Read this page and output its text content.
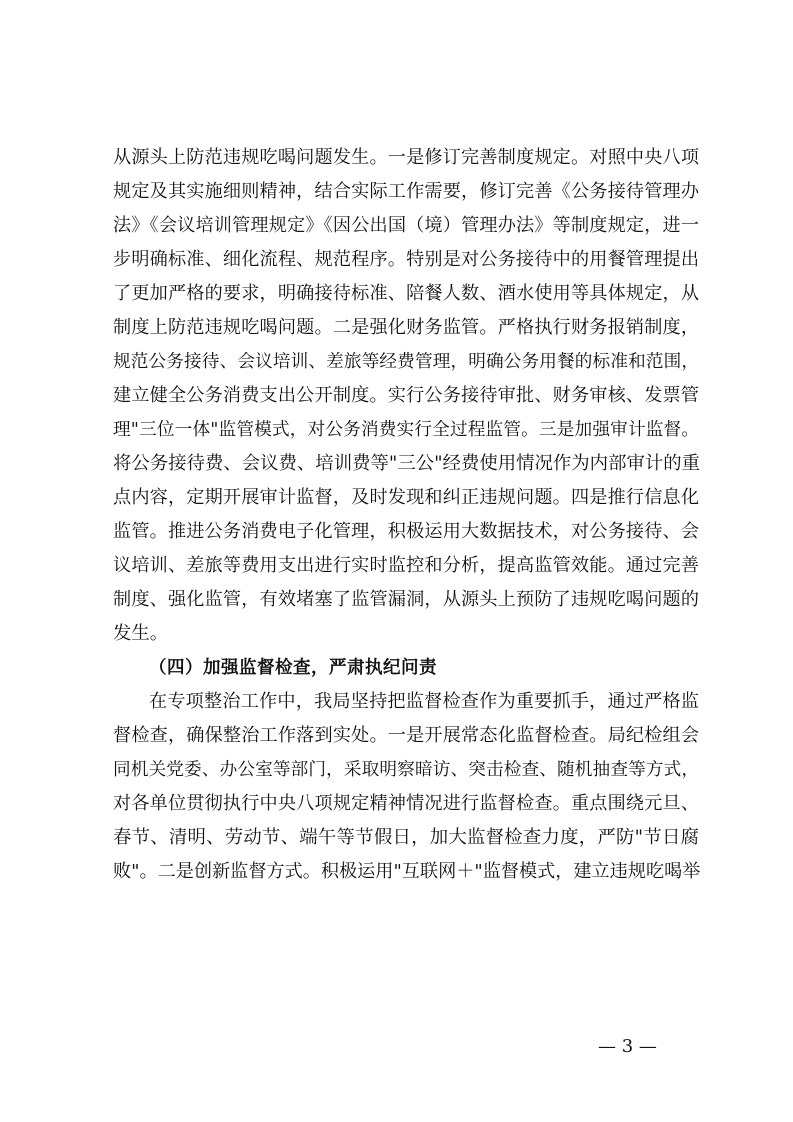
从源头上防范违规吃喝问题发生。一是修订完善制度规定。对照中央八项
规定及其实施细则精神，结合实际工作需要，修订完善《公务接待管理办
法》《会议培训管理规定》《因公出国（境）管理办法》等制度规定，进一
步明确标准、细化流程、规范程序。特别是对公务接待中的用餐管理提出
了更加严格的要求，明确接待标准、陪餐人数、酒水使用等具体规定，从
制度上防范违规吃喝问题。二是强化财务监管。严格执行财务报销制度，
规范公务接待、会议培训、差旅等经费管理，明确公务用餐的标准和范围，
建立健全公务消费支出公开制度。实行公务接待审批、财务审核、发票管
理"三位一体"监管模式，对公务消费实行全过程监管。三是加强审计监督。
将公务接待费、会议费、培训费等"三公"经费使用情况作为内部审计的重
点内容，定期开展审计监督，及时发现和纠正违规问题。四是推行信息化
监管。推进公务消费电子化管理，积极运用大数据技术，对公务接待、会
议培训、差旅等费用支出进行实时监控和分析，提高监管效能。通过完善
制度、强化监管，有效堵塞了监管漏洞，从源头上预防了违规吃喝问题的
发生。
（四）加强监督检查，严肃执纪问责
在专项整治工作中，我局坚持把监督检查作为重要抓手，通过严格监
督检查，确保整治工作落到实处。一是开展常态化监督检查。局纪检组会
同机关党委、办公室等部门，采取明察暗访、突击检查、随机抽查等方式，
对各单位贯彻执行中央八项规定精神情况进行监督检查。重点围绕元旦、
春节、清明、劳动节、端午等节假日，加大监督检查力度，严防"节日腐
败"。二是创新监督方式。积极运用"互联网＋"监督模式，建立违规吃喝举
— 3 —
